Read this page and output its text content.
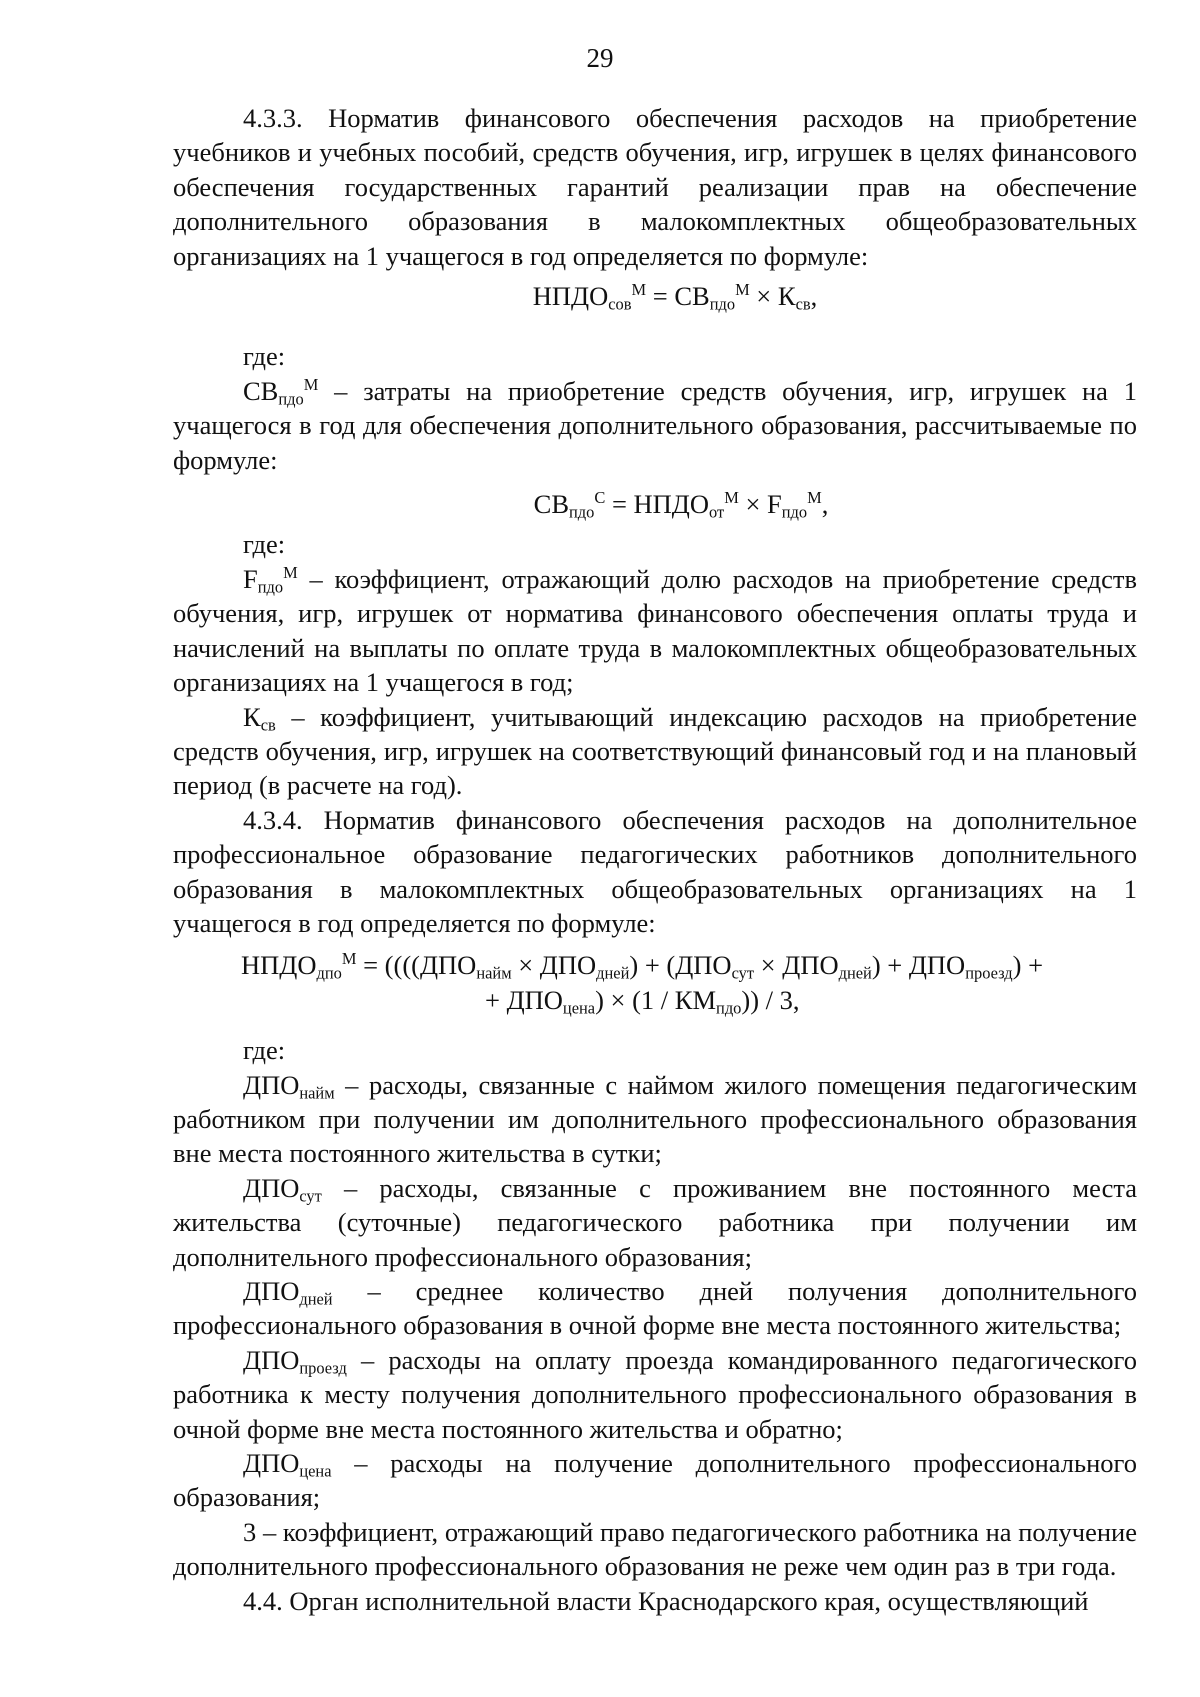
29

4.3.3. Норматив финансового обеспечения расходов на приобретение учебников и учебных пособий, средств обучения, игр, игрушек в целях финансового обеспечения государственных гарантий реализации прав на обеспечение дополнительного образования в малокомплектных общеобразовательных организациях на 1 учащегося в год определяется по формуле:

$НПДО_{сов}^М = СВ_{пдо}^М \times К_{св}$,

где:

$СВ_{пдо}^М$ – затраты на приобретение средств обучения, игр, игрушек на 1 учащегося в год для обеспечения дополнительного образования, рассчитываемые по формуле:

$СВ_{пдо}^С$ = $НПДО_{от}^М \times F_{пдо}^М$,

где:

$F_{пдо}^М$ – коэффициент, отражающий долю расходов на приобретение средств обучения, игр, игрушек от норматива финансового обеспечения оплаты труда и начислений на выплаты по оплате труда в малокомплектных общеобразовательных организациях на 1 учащегося в год;

$К_{св}$ – коэффициент, учитывающий индексацию расходов на приобретение средств обучения, игр, игрушек на соответствующий финансовый год и на плановый период (в расчете на год).

4.3.4. Норматив финансового обеспечения расходов на дополнительное профессиональное образование педагогических работников дополнительного образования в малокомплектных общеобразовательных организациях на 1 учащегося в год определяется по формуле:

$НПДО_{дпо}^М = ((((ДПО_{найм} \times ДПО_{дней}) + (ДПО_{сут} \times ДПО_{дней}) + ДПО_{проезд})$ +

+ $ДПО_{цена}) \times (1 / КМ_{пдо})) / 3$,

где:

$ДПО_{найм}$ – расходы, связанные с наймом жилого помещения педагогическим работником при получении им дополнительного профессионального образования вне места постоянного жительства в сутки;

$ДПО_{сут}$ – расходы, связанные с проживанием вне постоянного места жительства (суточные) педагогического работника при получении им дополнительного профессионального образования;

$ДПО_{дней}$ – среднее количество дней получения дополнительного профессионального образования в очной форме вне места постоянного жительства;

$ДПО_{проезд}$ – расходы на оплату проезда командированного педагогического работника к месту получения дополнительного профессионального образования в очной форме вне места постоянного жительства и обратно;

$ДПО_{цена}$ – расходы на получение дополнительного профессионального образования;

3 – коэффициент, отражающий право педагогического работника на получение дополнительного профессионального образования не реже чем один раз в три года.

4.4. Орган исполнительной власти Краснодарского края, осуществляющий
